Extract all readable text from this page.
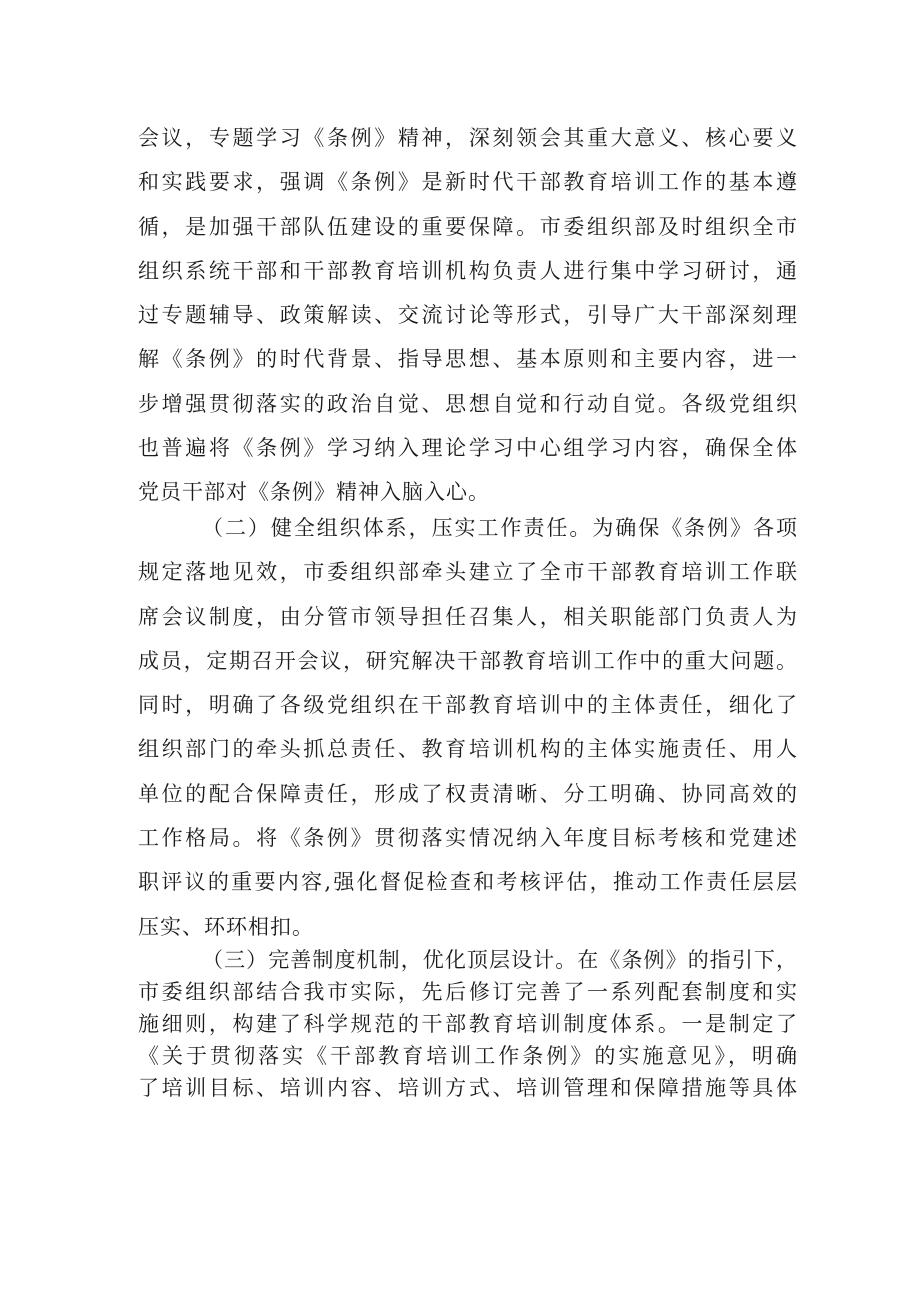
会议，专题学习《条例》精神，深刻领会其重大意义、核心要义
和实践要求，强调《条例》是新时代干部教育培训工作的基本遵
循，是加强干部队伍建设的重要保障。市委组织部及时组织全市
组织系统干部和干部教育培训机构负责人进行集中学习研讨，通
过专题辅导、政策解读、交流讨论等形式，引导广大干部深刻理
解《条例》的时代背景、指导思想、基本原则和主要内容，进一
步增强贯彻落实的政治自觉、思想自觉和行动自觉。各级党组织
也普遍将《条例》学习纳入理论学习中心组学习内容，确保全体
党员干部对《条例》精神入脑入心。
（二）健全组织体系，压实工作责任。为确保《条例》各项
规定落地见效，市委组织部牵头建立了全市干部教育培训工作联
席会议制度，由分管市领导担任召集人，相关职能部门负责人为
成员，定期召开会议，研究解决干部教育培训工作中的重大问题。
同时，明确了各级党组织在干部教育培训中的主体责任，细化了
组织部门的牵头抓总责任、教育培训机构的主体实施责任、用人
单位的配合保障责任，形成了权责清晰、分工明确、协同高效的
工作格局。将《条例》贯彻落实情况纳入年度目标考核和党建述
职评议的重要内容,强化督促检查和考核评估，推动工作责任层层
压实、环环相扣。
（三）完善制度机制，优化顶层设计。在《条例》的指引下，
市委组织部结合我市实际，先后修订完善了一系列配套制度和实
施细则，构建了科学规范的干部教育培训制度体系。一是制定了
《关于贯彻落实《干部教育培训工作条例》的实施意见》，明确
了培训目标、培训内容、培训方式、培训管理和保障措施等具体
